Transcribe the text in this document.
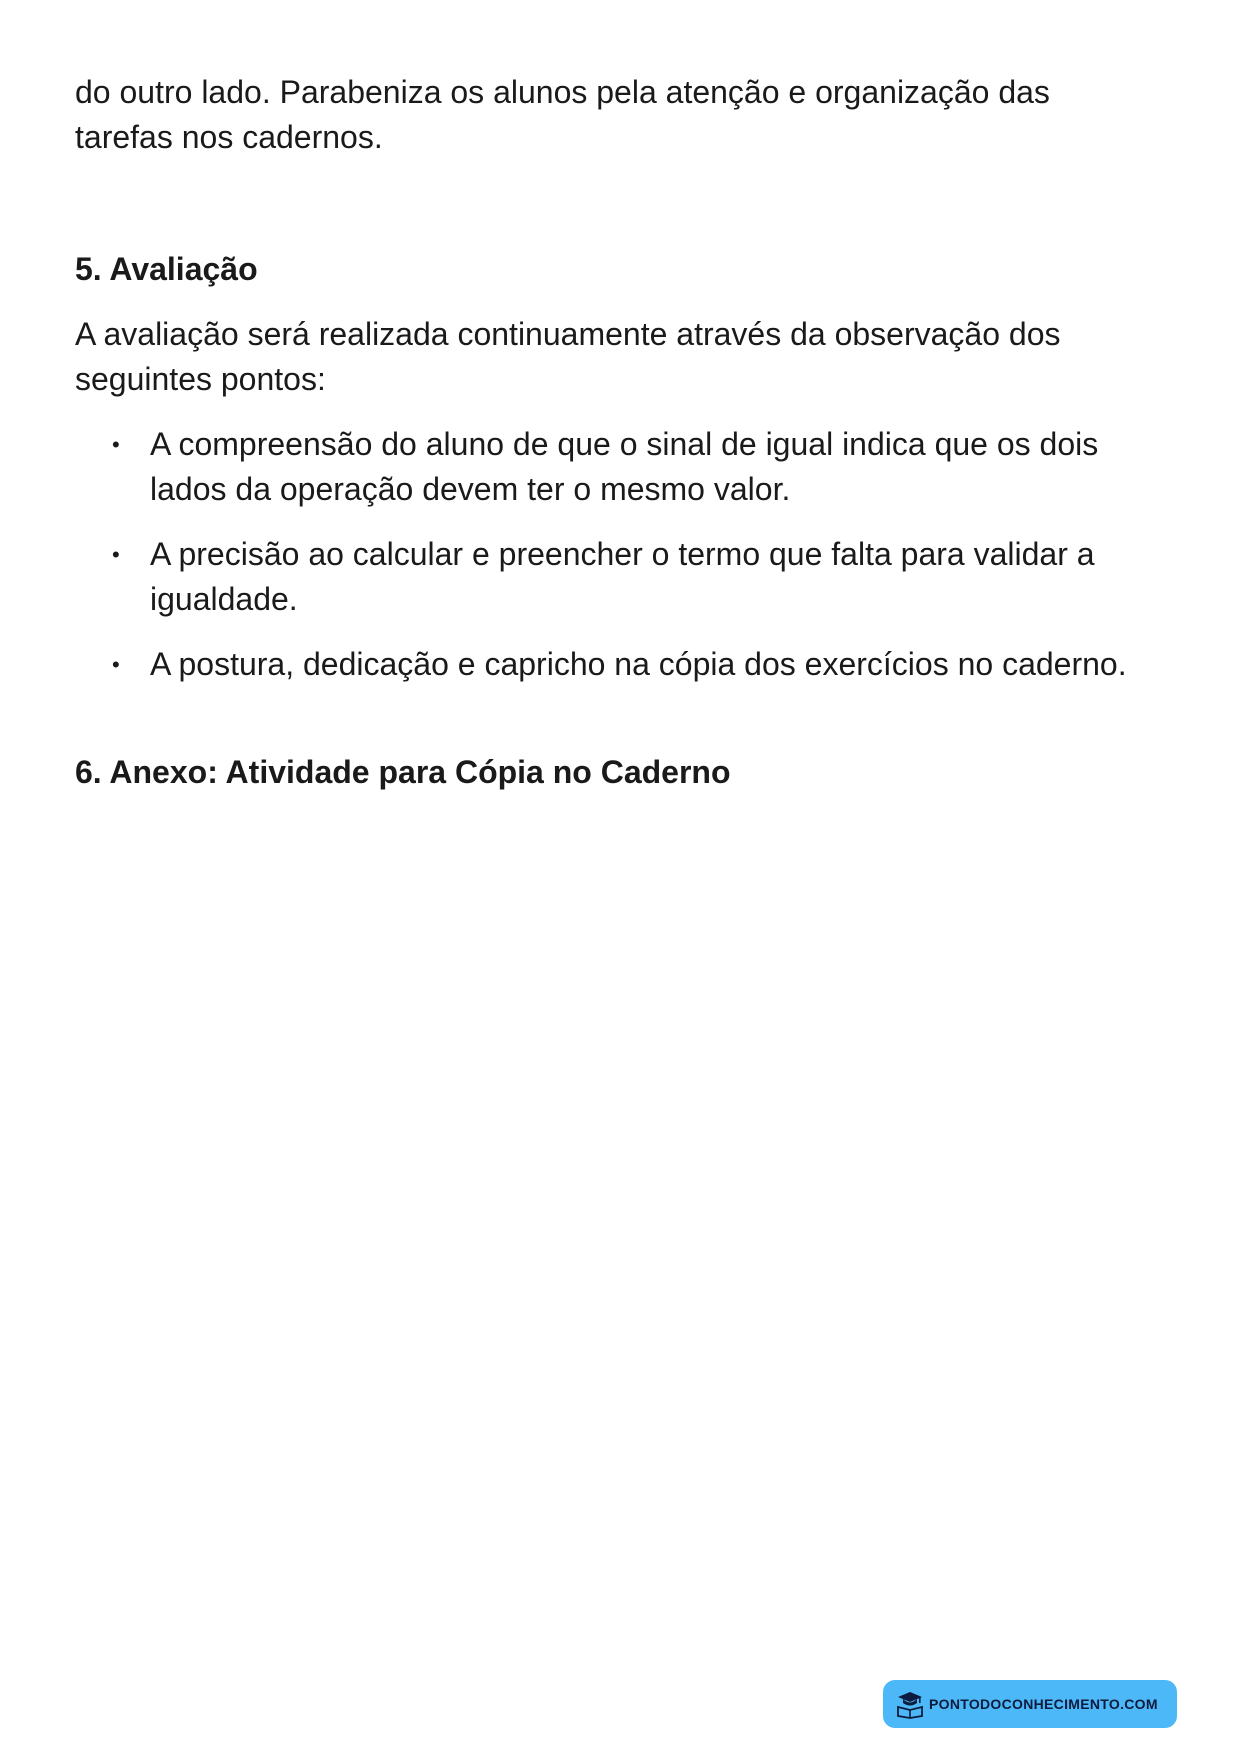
do outro lado. Parabeniza os alunos pela atenção e organização das tarefas nos cadernos.

5. Avaliação

A avaliação será realizada continuamente através da observação dos seguintes pontos:

• A compreensão do aluno de que o sinal de igual indica que os dois lados da operação devem ter o mesmo valor.
• A precisão ao calcular e preencher o termo que falta para validar a igualdade.
• A postura, dedicação e capricho na cópia dos exercícios no caderno.
6. Anexo: Atividade para Cópia no Caderno
PONTODOCONHECIMENTO.COM
